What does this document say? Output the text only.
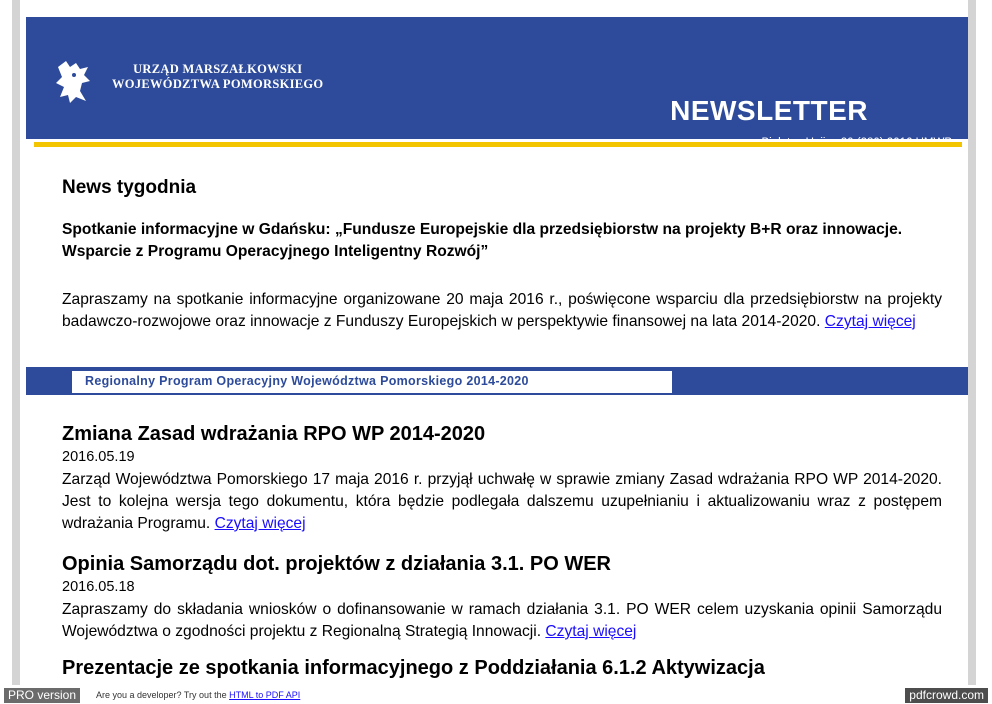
URZĄD MARSZAŁKOWSKI
WOJEWÓDZTWA POMORSKIEGO
NEWSLETTER
News tygodnia
Spotkanie informacyjne w Gdańsku: „Fundusze Europejskie dla przedsiębiorstw na projekty B+R oraz innowacje. Wsparcie z Programu Operacyjnego Inteligentny Rozwój”
Zapraszamy na spotkanie informacyjne organizowane 20 maja 2016 r., poświęcone wsparciu dla przedsiębiorstw na projekty badawczo-rozwojowe oraz innowacje z Funduszy Europejskich w perspektywie finansowej na lata 2014-2020. Czytaj więcej
Regionalny Program Operacyjny Województwa Pomorskiego 2014-2020
Zmiana Zasad wdrażania RPO WP 2014-2020
2016.05.19
Zarząd Województwa Pomorskiego 17 maja 2016 r. przyjął uchwałę w sprawie zmiany Zasad wdrażania RPO WP 2014-2020. Jest to kolejna wersja tego dokumentu, która będzie podlegała dalszemu uzupełnianiu i aktualizowaniu wraz z postępem wdrażania Programu. Czytaj więcej
Opinia Samorządu dot. projektów z działania 3.1. PO WER
2016.05.18
Zapraszamy do składania wniosków o dofinansowanie w ramach działania 3.1. PO WER celem uzyskania opinii Samorządu Województwa o zgodności projektu z Regionalną Strategią Innowacji. Czytaj więcej
Prezentacje ze spotkania informacyjnego z Poddziałania 6.1.2 Aktywizacja
PRO version	Are you a developer? Try out the HTML to PDF API	pdfcrowd.com
